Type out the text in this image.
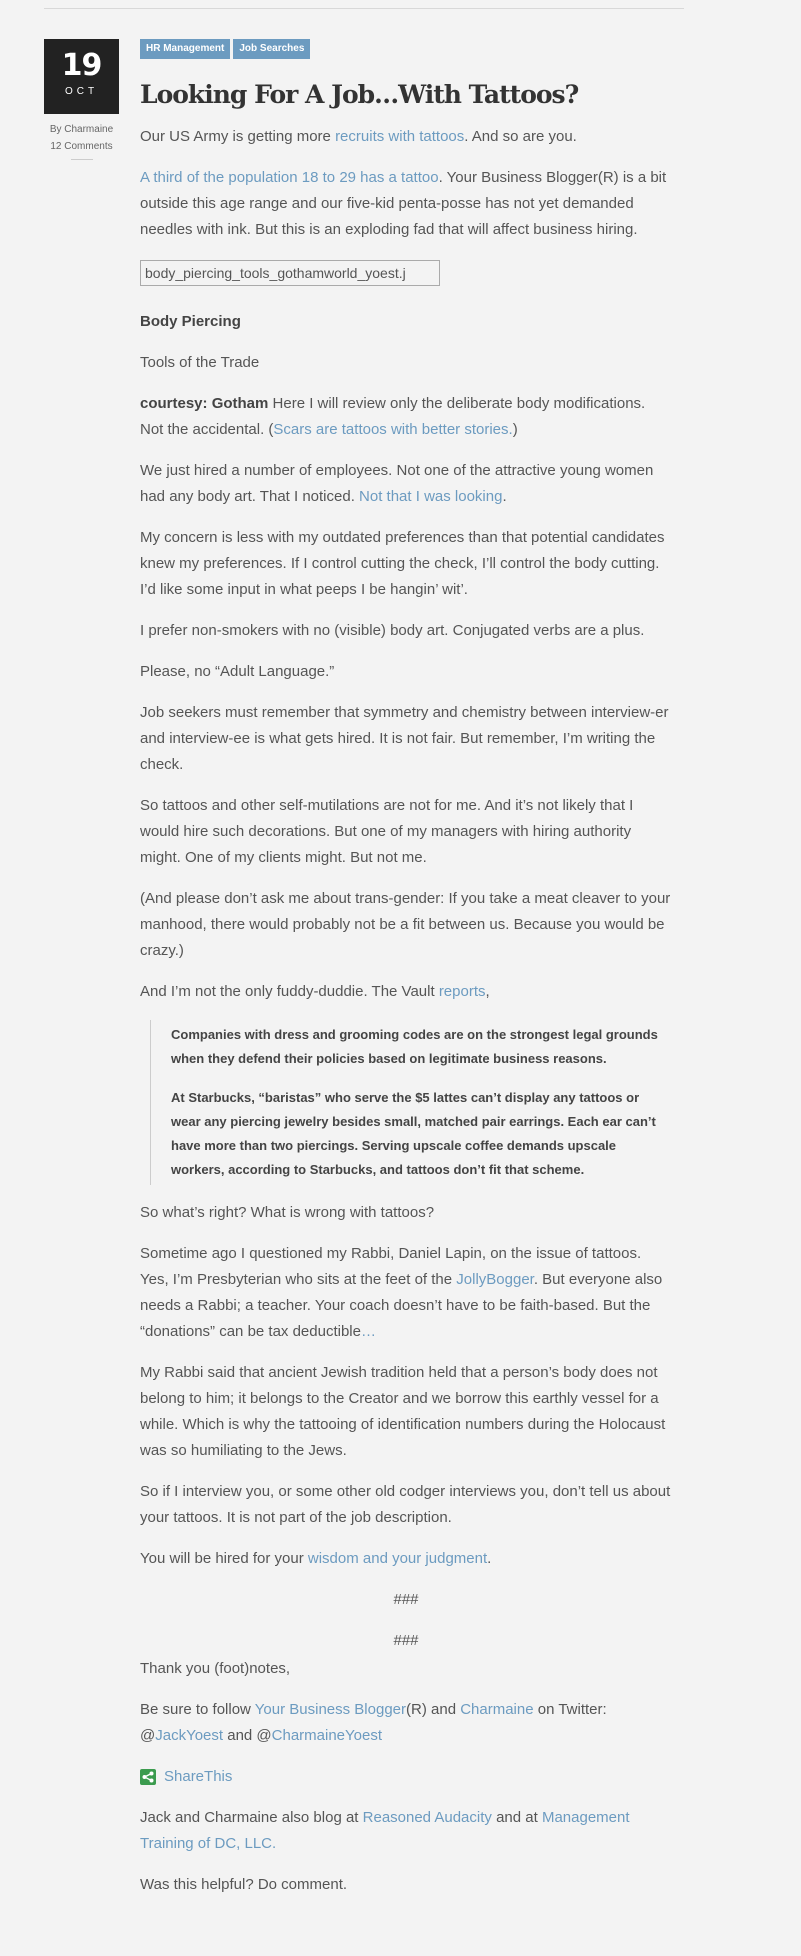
19
OCT
By Charmaine
12 Comments
HR Management	Job Searches
Looking For A Job…With Tattoos?

Our US Army is getting more recruits with tattoos. And so are you.

A third of the population 18 to 29 has a tattoo. Your Business Blogger(R) is a bit outside this age range and our five-kid penta-posse has not yet demanded needles with ink. But this is an exploding fad that will affect business hiring.

body_piercing_tools_gothamworld_yoest.j

Body Piercing

Tools of the Trade

courtesy: Gotham Here I will review only the deliberate body modifications. Not the accidental. (Scars are tattoos with better stories.)

We just hired a number of employees. Not one of the attractive young women had any body art. That I noticed. Not that I was looking.

My concern is less with my outdated preferences than that potential candidates knew my preferences. If I control cutting the check, I’ll control the body cutting. I’d like some input in what peeps I be hangin’ wit’.

I prefer non-smokers with no (visible) body art. Conjugated verbs are a plus.

Please, no “Adult Language.”

Job seekers must remember that symmetry and chemistry between interview-er and interview-ee is what gets hired. It is not fair. But remember, I’m writing the check.

So tattoos and other self-mutilations are not for me. And it’s not likely that I would hire such decorations. But one of my managers with hiring authority might. One of my clients might. But not me.

(And please don’t ask me about trans-gender: If you take a meat cleaver to your manhood, there would probably not be a fit between us. Because you would be crazy.)

And I’m not the only fuddy-duddie. The Vault reports,

Companies with dress and grooming codes are on the strongest legal grounds when they defend their policies based on legitimate business reasons.

At Starbucks, “baristas” who serve the $5 lattes can’t display any tattoos or wear any piercing jewelry besides small, matched pair earrings. Each ear can’t have more than two piercings. Serving upscale coffee demands upscale workers, according to Starbucks, and tattoos don’t fit that scheme.

So what’s right? What is wrong with tattoos?

Sometime ago I questioned my Rabbi, Daniel Lapin, on the issue of tattoos. Yes, I’m Presbyterian who sits at the feet of the JollyBogger. But everyone also needs a Rabbi; a teacher. Your coach doesn’t have to be faith-based. But the “donations” can be tax deductible…

My Rabbi said that ancient Jewish tradition held that a person’s body does not belong to him; it belongs to the Creator and we borrow this earthly vessel for a while. Which is why the tattooing of identification numbers during the Holocaust was so humiliating to the Jews.

So if I interview you, or some other old codger interviews you, don’t tell us about your tattoos. It is not part of the job description.

You will be hired for your wisdom and your judgment.

###

###

Thank you (foot)notes,

Be sure to follow Your Business Blogger(R) and Charmaine on Twitter: @JackYoest and @CharmaineYoest

ShareThis

Jack and Charmaine also blog at Reasoned Audacity and at Management Training of DC, LLC.

Was this helpful? Do comment.
